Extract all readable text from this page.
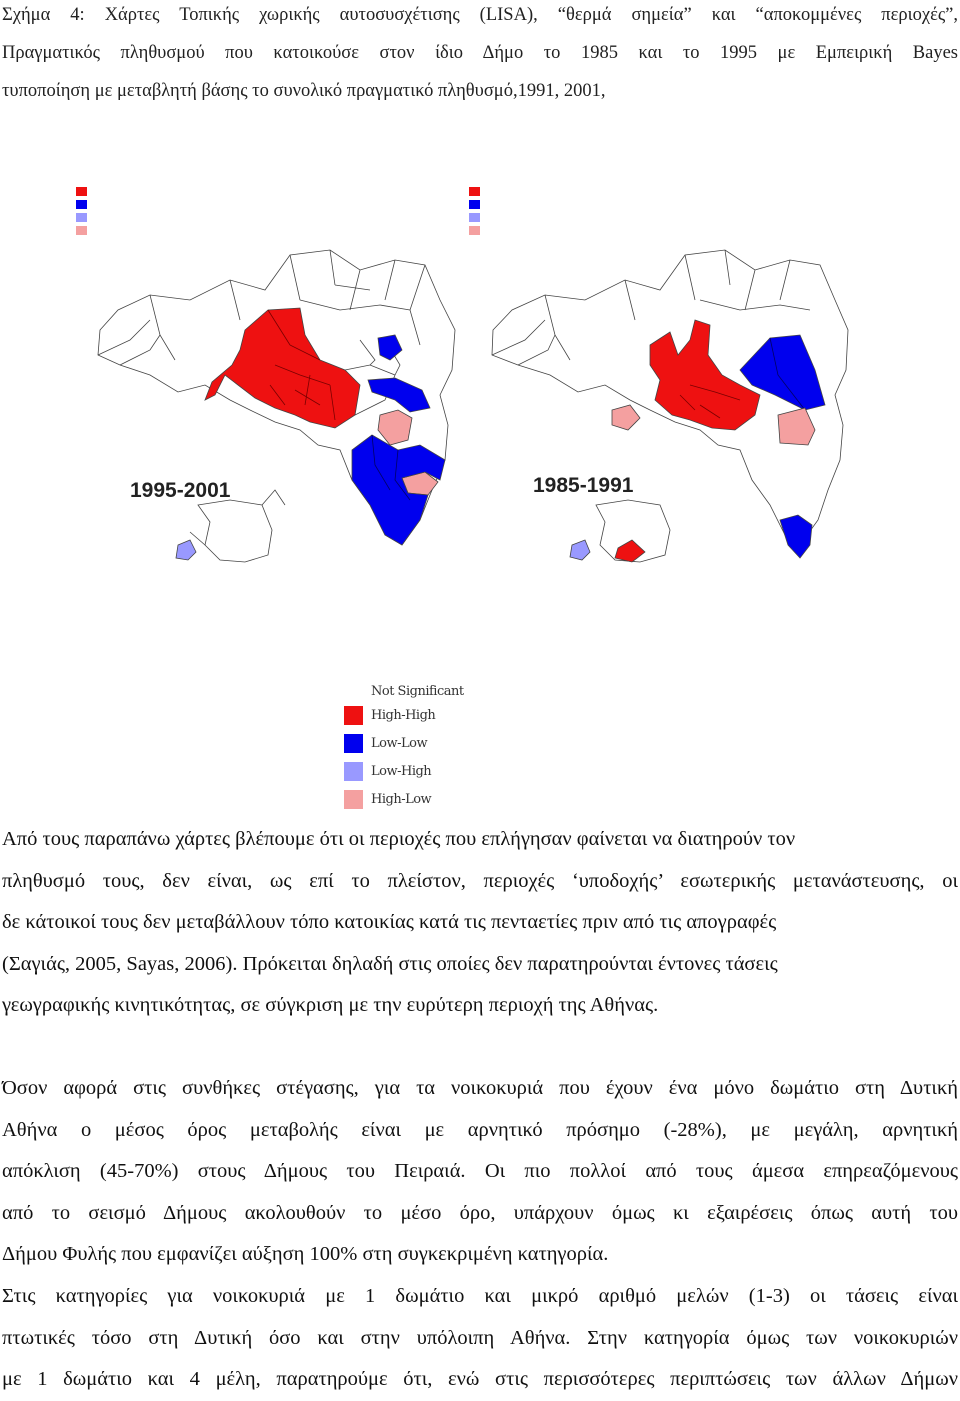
Σχήμα 4: Χάρτες Τοπικής χωρικής αυτοσυσχέτισης (LISA), “θερμά σημεία” και “αποκομμένες περιοχές”,
Πραγματικός πληθυσμού που κατοικούσε στον ίδιο Δήμο το 1985 και το 1995 με Εμπειρική Bayes
τυποποίηση με μεταβλητή βάσης το συνολικό πραγματικό πληθυσμό,1991, 2001,
1995-2001	1985-1991
Not Significant
High-High
Low-Low
Low-High
High-Low
Από τους παραπάνω χάρτες βλέπουμε ότι οι περιοχές που επλήγησαν φαίνεται να διατηρούν τον
πληθυσμό τους, δεν είναι, ως επί το πλείστον, περιοχές ‘υποδοχής’ εσωτερικής μετανάστευσης, οι
δε κάτοικοί τους δεν μεταβάλλουν τόπο κατοικίας κατά τις πενταετίες πριν από τις απογραφές
(Σαγιάς, 2005, Sayas, 2006). Πρόκειται δηλαδή στις οποίες δεν παρατηρούνται έντονες τάσεις
γεωγραφικής κινητικότητας, σε σύγκριση με την ευρύτερη περιοχή της Αθήνας.
Όσον αφορά στις συνθήκες στέγασης, για τα νοικοκυριά που έχουν ένα μόνο δωμάτιο στη Δυτική
Αθήνα ο μέσος όρος μεταβολής είναι με αρνητικό πρόσημο (-28%), με μεγάλη, αρνητική
απόκλιση (45-70%) στους Δήμους του Πειραιά. Οι πιο πολλοί από τους άμεσα επηρεαζόμενους
από το σεισμό Δήμους ακολουθούν το μέσο όρο, υπάρχουν όμως κι εξαιρέσεις όπως αυτή του
Δήμου Φυλής που εμφανίζει αύξηση 100% στη συγκεκριμένη κατηγορία.
Στις κατηγορίες για νοικοκυριά με 1 δωμάτιο και μικρό αριθμό μελών (1-3) οι τάσεις είναι
πτωτικές τόσο στη Δυτική όσο και στην υπόλοιπη Αθήνα. Στην κατηγορία όμως των νοικοκυριών
με 1 δωμάτιο και 4 μέλη, παρατηρούμε ότι, ενώ στις περισσότερες περιπτώσεις των άλλων Δήμων
